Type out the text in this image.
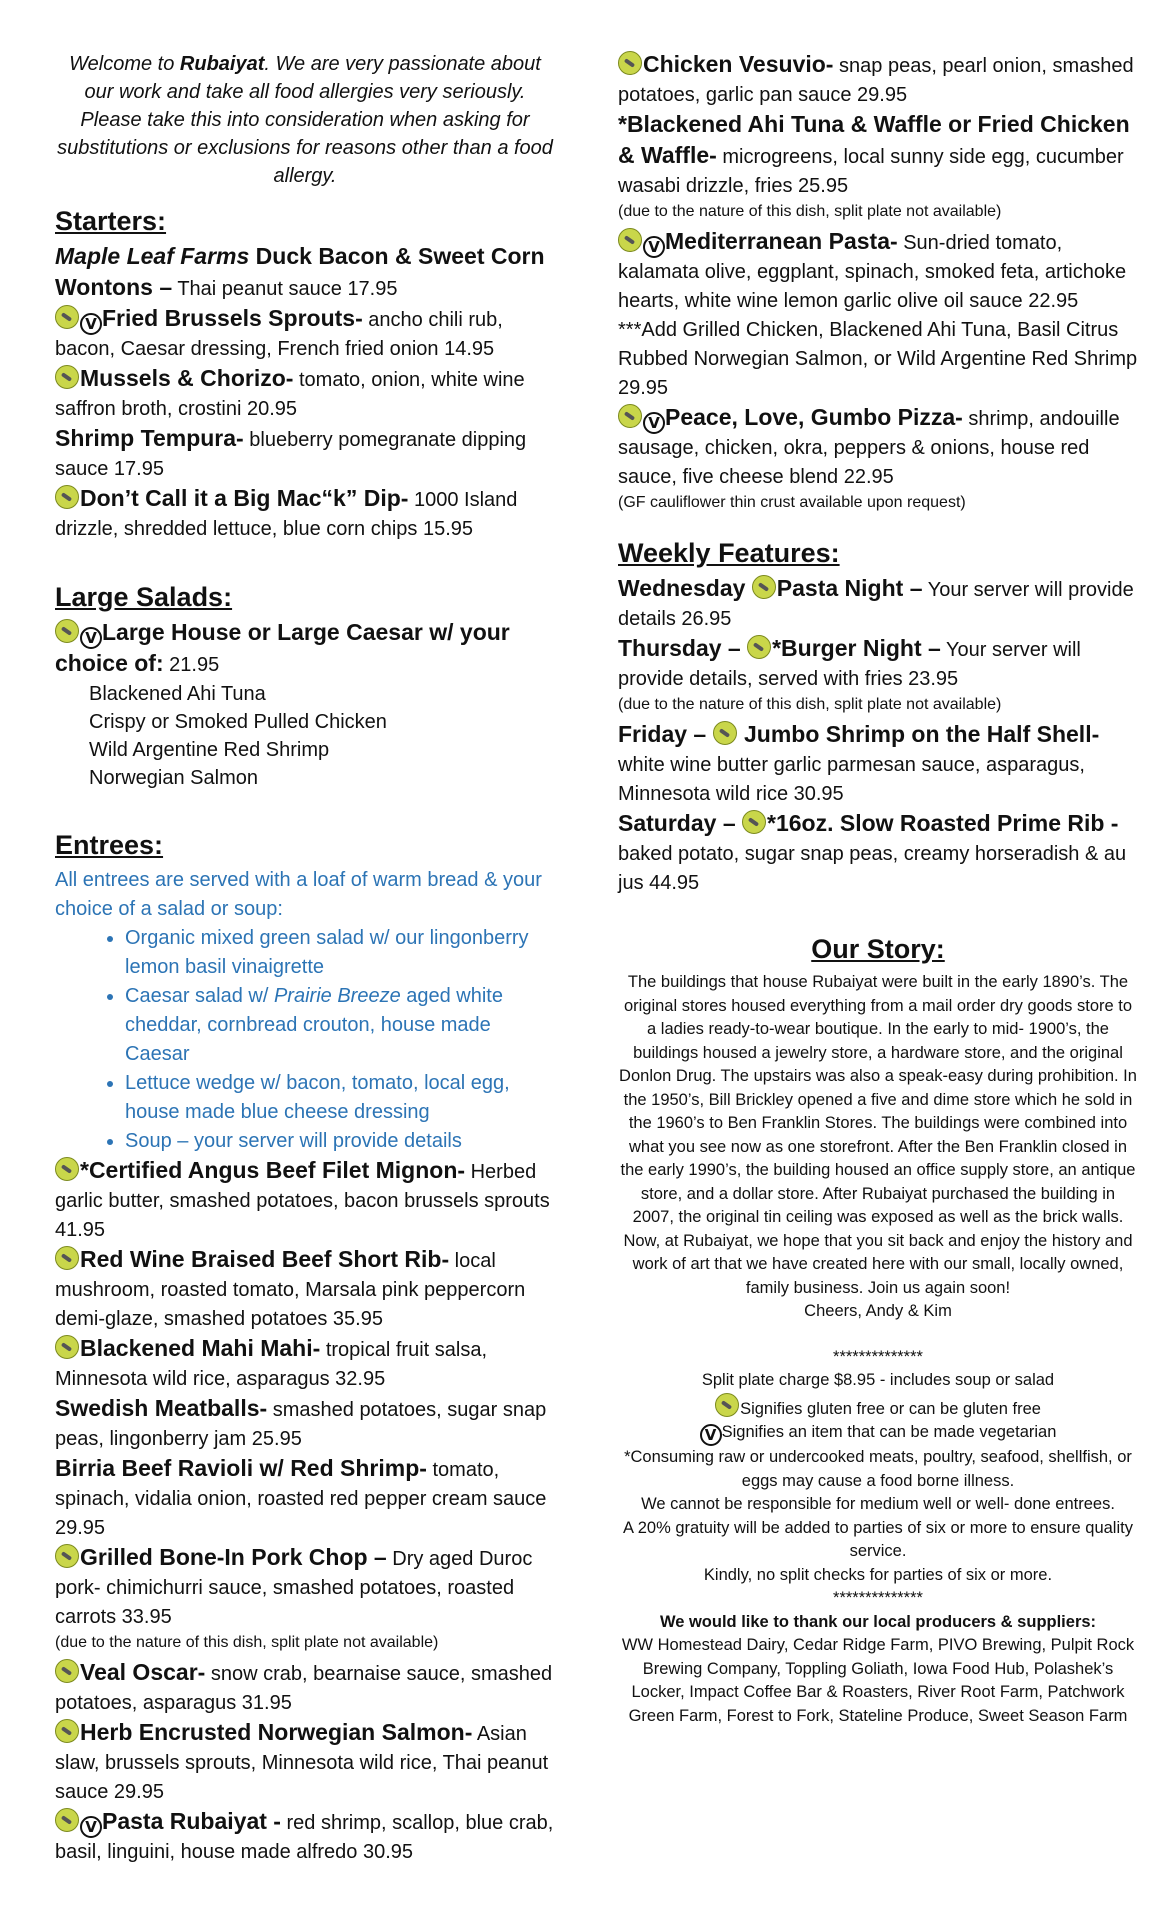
Welcome to Rubaiyat. We are very passionate about our work and take all food allergies very seriously. Please take this into consideration when asking for substitutions or exclusions for reasons other than a food allergy.

Starters:

Maple Leaf Farms Duck Bacon & Sweet Corn Wontons – Thai peanut sauce 17.95

V Fried Brussels Sprouts- ancho chili rub, bacon, Caesar dressing, French fried onion 14.95

Mussels & Chorizo- tomato, onion, white wine saffron broth, crostini 20.95

Shrimp Tempura- blueberry pomegranate dipping sauce 17.95

Don’t Call it a Big Mac“k” Dip- 1000 Island drizzle, shredded lettuce, blue corn chips 15.95

Large Salads:

V Large House or Large Caesar w/ your choice of: 21.95

Blackened Ahi Tuna

Crispy or Smoked Pulled Chicken

Wild Argentine Red Shrimp

Norwegian Salmon

Entrees:
All entrees are served with a loaf of warm bread & your choice of a salad or soup:
• Organic mixed green salad w/ our lingonberry lemon basil vinaigrette
• Caesar salad w/ Prairie Breeze aged white cheddar, cornbread crouton, house made Caesar
• Lettuce wedge w/ bacon, tomato, local egg, house made blue cheese dressing
• Soup – your server will provide details

*Certified Angus Beef Filet Mignon- Herbed garlic butter, smashed potatoes, bacon brussels sprouts 41.95

Red Wine Braised Beef Short Rib- local mushroom, roasted tomato, Marsala pink peppercorn demi-glaze, smashed potatoes 35.95

Blackened Mahi Mahi- tropical fruit salsa, Minnesota wild rice, asparagus 32.95

Swedish Meatballs- smashed potatoes, sugar snap peas, lingonberry jam 25.95

Birria Beef Ravioli w/ Red Shrimp- tomato, spinach, vidalia onion, roasted red pepper cream sauce 29.95

Grilled Bone-In Pork Chop – Dry aged Duroc pork- chimichurri sauce, smashed potatoes, roasted carrots 33.95

(due to the nature of this dish, split plate not available)

Veal Oscar- snow crab, bearnaise sauce, smashed potatoes, asparagus 31.95

Herb Encrusted Norwegian Salmon- Asian slaw, brussels sprouts, Minnesota wild rice, Thai peanut sauce 29.95

V Pasta Rubaiyat - red shrimp, scallop, blue crab, basil, linguini, house made alfredo 30.95

Chicken Vesuvio- snap peas, pearl onion, smashed potatoes, garlic pan sauce 29.95

*Blackened Ahi Tuna & Waffle or Fried Chicken & Waffle- microgreens, local sunny side egg, cucumber wasabi drizzle, fries 25.95

(due to the nature of this dish, split plate not available)

V Mediterranean Pasta- Sun-dried tomato, kalamata olive, eggplant, spinach, smoked feta, artichoke hearts, white wine lemon garlic olive oil sauce 22.95

***Add Grilled Chicken, Blackened Ahi Tuna, Basil Citrus Rubbed Norwegian Salmon, or Wild Argentine Red Shrimp 29.95

V Peace, Love, Gumbo Pizza- shrimp, andouille sausage, chicken, okra, peppers & onions, house red sauce, five cheese blend 22.95

(GF cauliflower thin crust available upon request)

Weekly Features:

Wednesday Pasta Night – Your server will provide details 26.95

Thursday – *Burger Night – Your server will provide details, served with fries 23.95

(due to the nature of this dish, split plate not available)

Friday –  Jumbo Shrimp on the Half Shell- white wine butter garlic parmesan sauce, asparagus, Minnesota wild rice 30.95

Saturday – *16oz. Slow Roasted Prime Rib - baked potato, sugar snap peas, creamy horseradish & au jus 44.95

Our Story:

The buildings that house Rubaiyat were built in the early 1890’s. The original stores housed everything from a mail order dry goods store to a ladies ready-to-wear boutique. In the early to mid- 1900’s, the buildings housed a jewelry store, a hardware store, and the original Donlon Drug. The upstairs was also a speak-easy during prohibition. In the 1950’s, Bill Brickley opened a five and dime store which he sold in the 1960’s to Ben Franklin Stores. The buildings were combined into what you see now as one storefront. After the Ben Franklin closed in the early 1990’s, the building housed an office supply store, an antique store, and a dollar store. After Rubaiyat purchased the building in 2007, the original tin ceiling was exposed as well as the brick walls. Now, at Rubaiyat, we hope that you sit back and enjoy the history and work of art that we have created here with our small, locally owned, family business. Join us again soon!

Cheers, Andy & Kim

**************

Split plate charge $8.95 - includes soup or salad

Signifies gluten free or can be gluten free

V Signifies an item that can be made vegetarian

*Consuming raw or undercooked meats, poultry, seafood, shellfish, or eggs may cause a food borne illness.

We cannot be responsible for medium well or well- done entrees.

A 20% gratuity will be added to parties of six or more to ensure quality service.

Kindly, no split checks for parties of six or more.

**************

We would like to thank our local producers & suppliers:

WW Homestead Dairy, Cedar Ridge Farm, PIVO Brewing, Pulpit Rock Brewing Company, Toppling Goliath, Iowa Food Hub, Polashek’s Locker, Impact Coffee Bar & Roasters, River Root Farm, Patchwork Green Farm, Forest to Fork, Stateline Produce, Sweet Season Farm
